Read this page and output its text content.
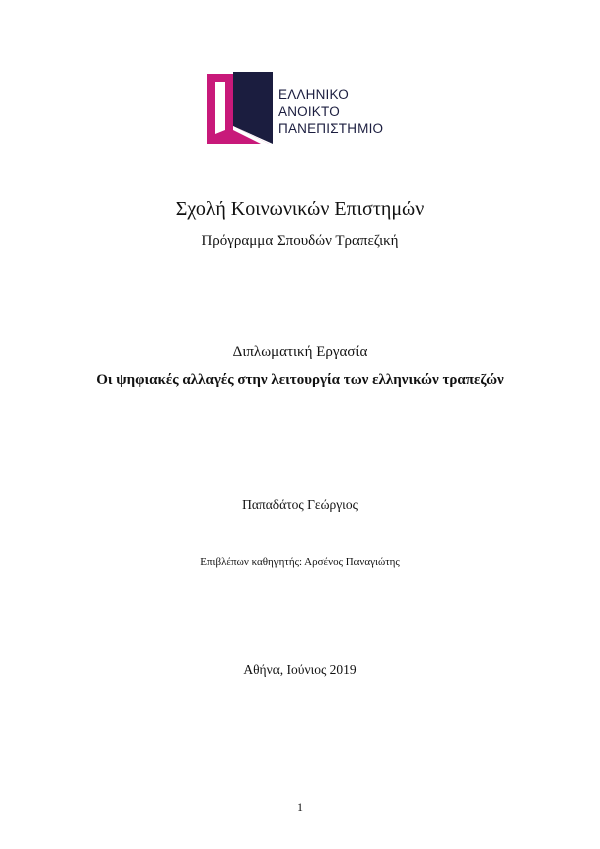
ΕΛΛΗΝΙΚΟ
ΑΝΟΙΚΤΟ
ΠΑΝΕΠΙΣΤΗΜΙΟ
Σχολή Κοινωνικών Επιστημών
Πρόγραμμα Σπουδών Τραπεζική
Διπλωματική Εργασία
Οι ψηφιακές αλλαγές στην λειτουργία των ελληνικών τραπεζών
Παπαδάτος Γεώργιος
Επιβλέπων καθηγητής: Αρσένος Παναγιώτης
Αθήνα, Ιούνιος 2019
1
